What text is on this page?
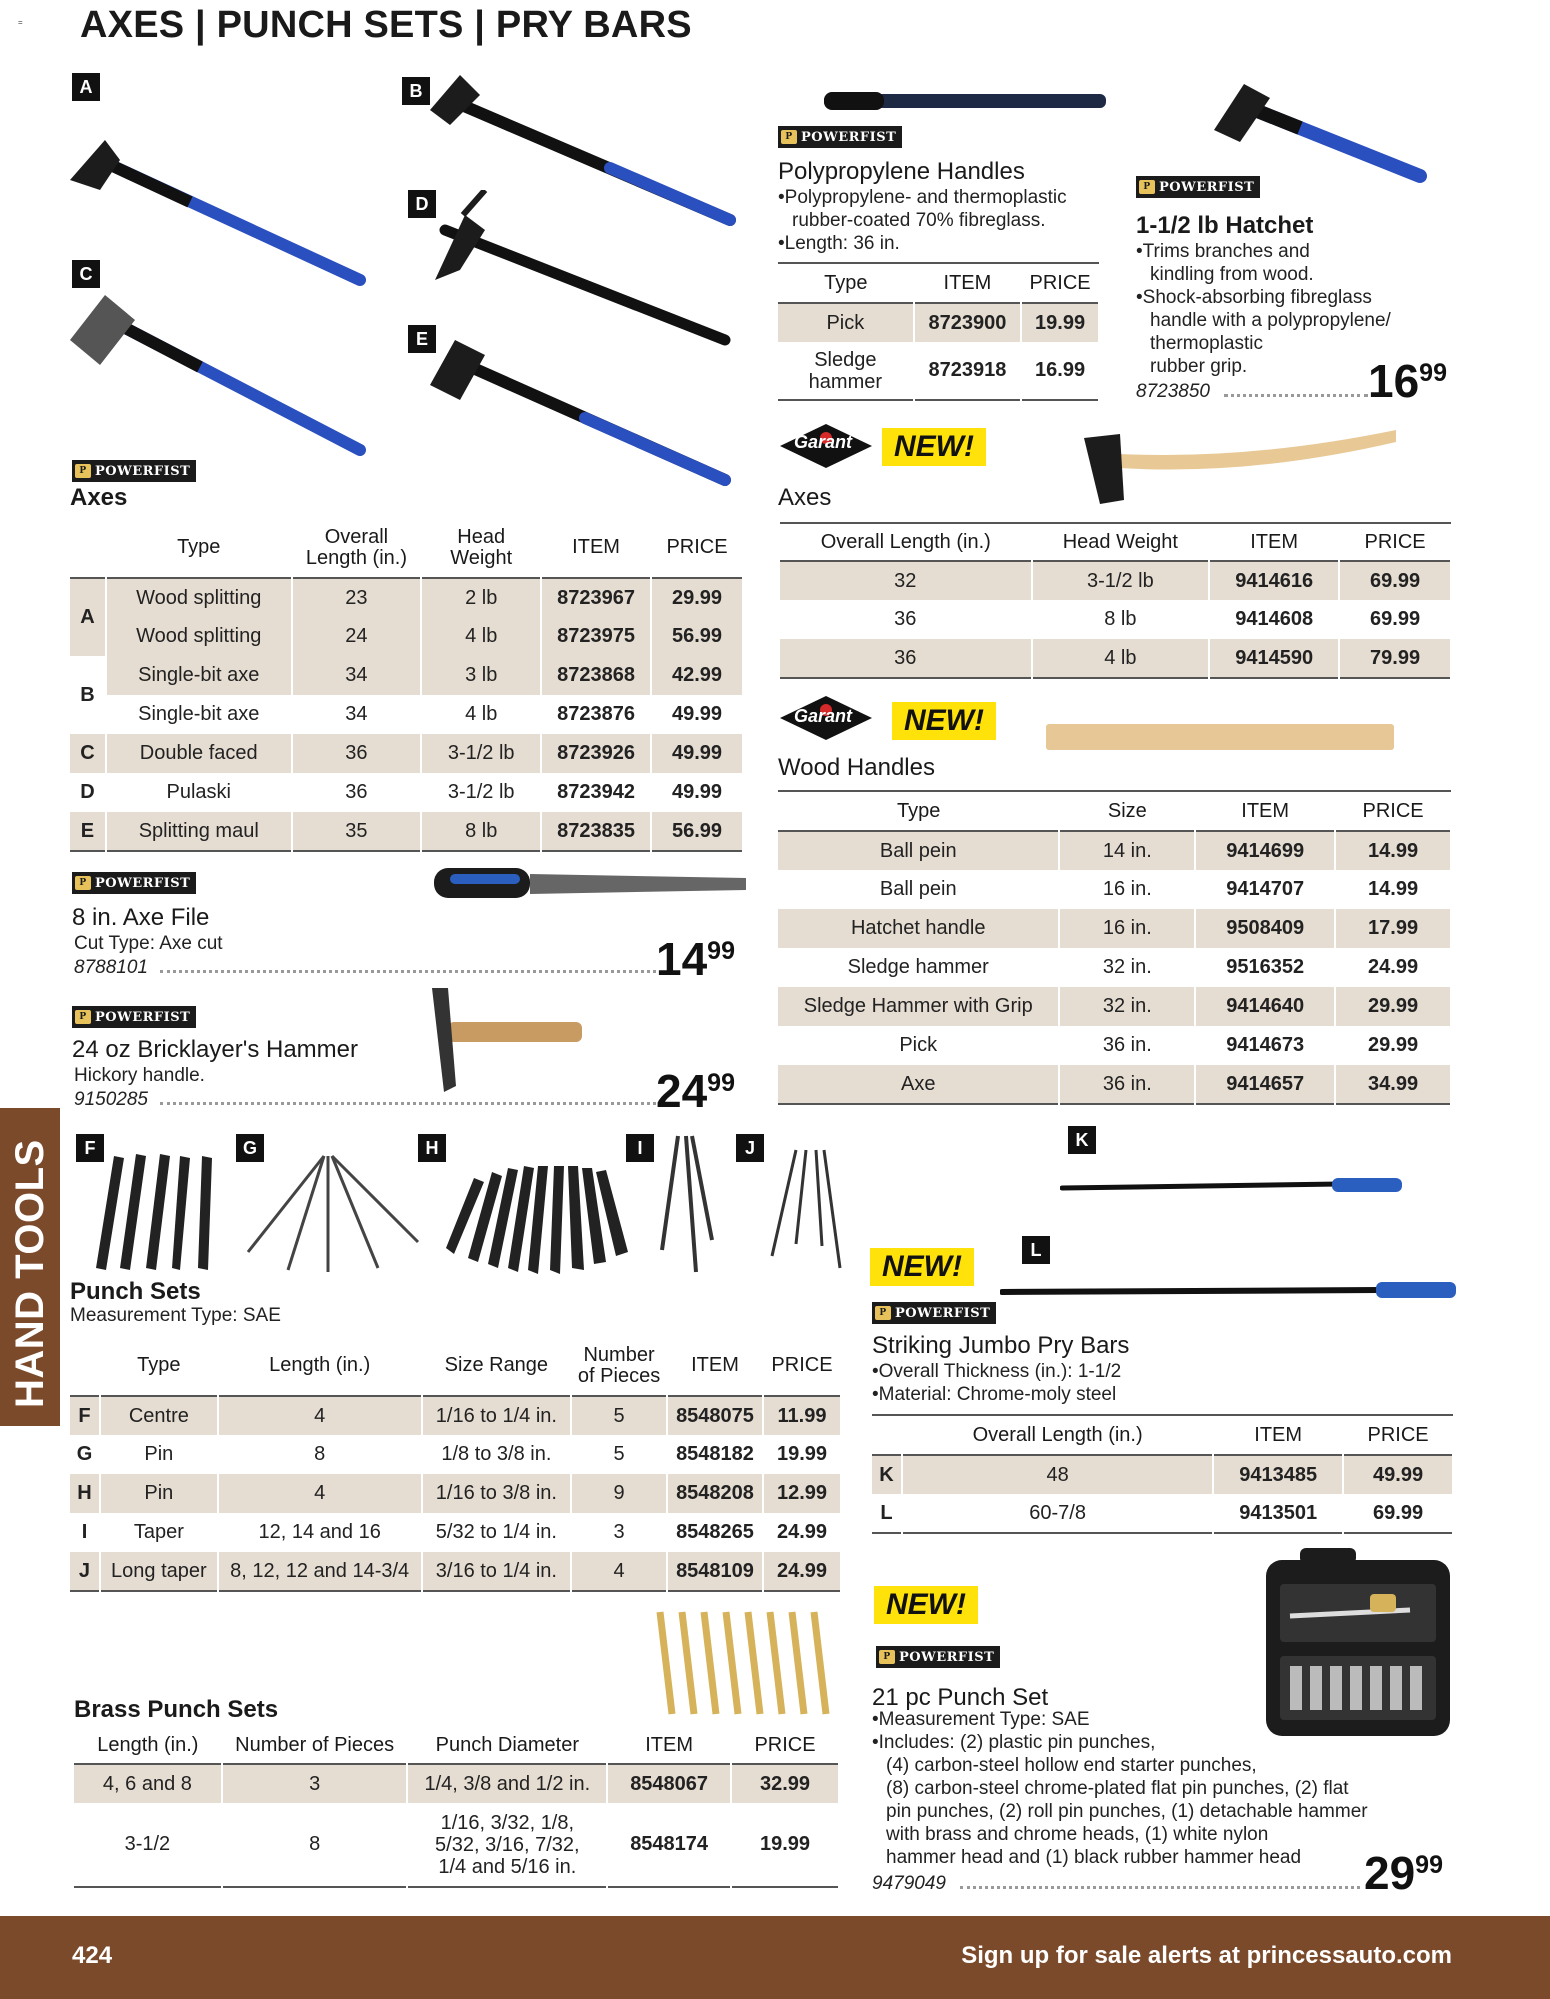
= AXES | PUNCH SETS | PRY BARS
HAND TOOLS
A	B
C
D
E
P POWERFIST
Axes
	Type	Overall Length (in.)	Head Weight	ITEM	PRICE
A	Wood splitting	23	2 lb	8723967	29.99
	Wood splitting	24	4 lb	8723975	56.99
B	Single-bit axe	34	3 lb	8723868	42.99
	Single-bit axe	34	4 lb	8723876	49.99
C	Double faced	36	3-1/2 lb	8723926	49.99
D	Pulaski	36	3-1/2 lb	8723942	49.99
E	Splitting maul	35	8 lb	8723835	56.99
P POWERFIST
8 in. Axe File
Cut Type: Axe cut
8788101	$14^{99}$
P POWERFIST
24 oz Bricklayer's Hammer
Hickory handle.
9150285	$24^{99}$
F	G	H	I	J
Punch Sets
Measurement Type: SAE
	Type	Length (in.)	Size Range	Number of Pieces	ITEM	PRICE
F	Centre	4	1/16 to 1/4 in.	5	8548075	11.99
G	Pin	8	1/8 to 3/8 in.	5	8548182	19.99
H	Pin	4	1/16 to 3/8 in.	9	8548208	12.99
I	Taper	12, 14 and 16	5/32 to 1/4 in.	3	8548265	24.99
J	Long taper	8, 12, 12 and 14-3/4	3/16 to 1/4 in.	4	8548109	24.99
Brass Punch Sets
Length (in.)	Number of Pieces	Punch Diameter	ITEM	PRICE
4, 6 and 8	3	1/4, 3/8 and 1/2 in.	8548067	32.99
3-1/2	8	1/16, 3/32, 1/8, 5/32, 3/16, 7/32, 1/4 and 5/16 in.	8548174	19.99
P POWERFIST
Polypropylene Handles
•Polypropylene- and thermoplastic
rubber-coated 70% fibreglass.
•Length: 36 in.
Type	ITEM	PRICE
Pick	8723900	19.99
Sledge hammer	8723918	16.99
P POWERFIST
1-1/2 lb Hatchet
•Trims branches and
kindling from wood.
•Shock-absorbing fibreglass
handle with a polypropylene/
thermoplastic
rubber grip.
8723850	$16^{99}$
Garant	NEW!
Axes
Overall Length (in.)	Head Weight	ITEM	PRICE
32	3-1/2 lb	9414616	69.99
36	8 lb	9414608	69.99
36	4 lb	9414590	79.99
Garant	NEW!
Wood Handles
Type	Size	ITEM	PRICE
Ball pein	14 in.	9414699	14.99
Ball pein	16 in.	9414707	14.99
Hatchet handle	16 in.	9508409	17.99
Sledge hammer	32 in.	9516352	24.99
Sledge Hammer with Grip	32 in.	9414640	29.99
Pick	36 in.	9414673	29.99
Axe	36 in.	9414657	34.99
K
L
NEW!
P POWERFIST
Striking Jumbo Pry Bars
•Overall Thickness (in.): 1-1/2
•Material: Chrome-moly steel
	Overall Length (in.)	ITEM	PRICE
K	48	9413485	49.99
L	60-7/8	9413501	69.99
NEW!
P POWERFIST
21 pc Punch Set
•Measurement Type: SAE
•Includes: (2) plastic pin punches,
(4) carbon-steel hollow end starter punches,
(8) carbon-steel chrome-plated flat pin punches, (2) flat
pin punches, (2) roll pin punches, (1) detachable hammer
with brass and chrome heads, (1) white nylon
hammer head and (1) black rubber hammer head
9479049	$29^{99}$
424	Sign up for sale alerts at princessauto.com
